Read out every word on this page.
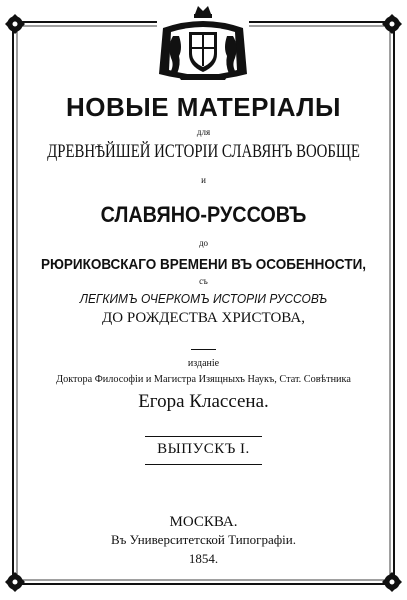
НОВЫЕ МАТЕРІАЛЫ
для
ДРЕВНѢЙШЕЙ ИСТОРІИ СЛАВЯНЪ ВООБЩЕ
и
СЛАВЯНО-РУССОВЪ
до
РЮРИКОВСКАГО ВРЕМЕНИ ВЪ ОСОБЕННОСТИ,
съ
ЛЕГКИМЪ ОЧЕРКОМЪ ИСТОРІИ РУССОВЪ
ДО РОЖДЕСТВА ХРИСТОВА,
изданіе
Доктора Философіи и Магистра Изящныхъ Наукъ, Стат. Совѣтника
Егора Классена.
ВЫПУСКЪ І.
МОСКВА.
Въ Университетской Типографіи.
1854.
